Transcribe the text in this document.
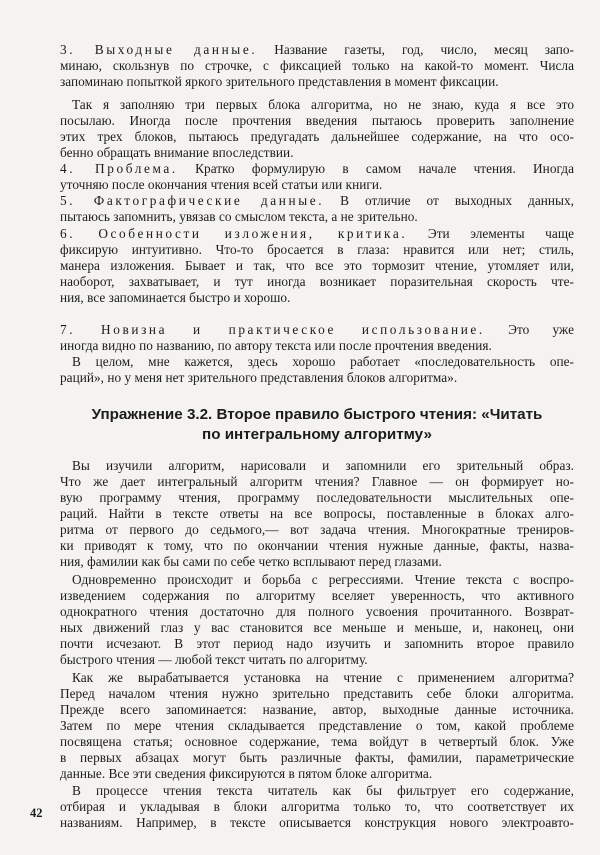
3. Выходные данные. Название газеты, год, число, месяц запо-
минаю, скользнув по строчке, с фиксацией только на какой-то момент. Числа
запоминаю попыткой яркого зрительного представления в момент фиксации.
Так я заполняю три первых блока алгоритма, но не знаю, куда я все это
посылаю. Иногда после прочтения введения пытаюсь проверить заполнение
этих трех блоков, пытаюсь предугадать дальнейшее содержание, на что осо-
бенно обращать внимание впоследствии.
4. Проблема. Кратко формулирую в самом начале чтения. Иногда
уточняю после окончания чтения всей статьи или книги.
5. Фактографические данные. В отличие от выходных данных,
пытаюсь запомнить, увязав со смыслом текста, а не зрительно.
6. Особенности изложения, критика. Эти элементы чаще
фиксирую интуитивно. Что-то бросается в глаза: нравится или нет; стиль,
манера изложения. Бывает и так, что все это тормозит чтение, утомляет или,
наоборот, захватывает, и тут иногда возникает поразительная скорость чте-
ния, все запоминается быстро и хорошо.
7. Новизна и практическое использование. Это уже
иногда видно по названию, по автору текста или после прочтения введения.
В целом, мне кажется, здесь хорошо работает «последовательность опе-
раций», но у меня нет зрительного представления блоков алгоритма».
Упражнение 3.2. Второе правило быстрого чтения: «Читать
по интегральному алгоритму»
Вы изучили алгоритм, нарисовали и запомнили его зрительный образ.
Что же дает интегральный алгоритм чтения? Главное — он формирует но-
вую программу чтения, программу последовательности мыслительных опе-
раций. Найти в тексте ответы на все вопросы, поставленные в блоках алго-
ритма от первого до седьмого,— вот задача чтения. Многократные трениров-
ки приводят к тому, что по окончании чтения нужные данные, факты, назва-
ния, фамилии как бы сами по себе четко всплывают перед глазами.
Одновременно происходит и борьба с регрессиями. Чтение текста с воспро-
изведением содержания по алгоритму вселяет уверенность, что активного
однократного чтения достаточно для полного усвоения прочитанного. Возврат-
ных движений глаз у вас становится все меньше и меньше, и, наконец, они
почти исчезают. В этот период надо изучить и запомнить второе правило
быстрого чтения — любой текст читать по алгоритму.
Как же вырабатывается установка на чтение с применением алгоритма?
Перед началом чтения нужно зрительно представить себе блоки алгоритма.
Прежде всего запоминается: название, автор, выходные данные источника.
Затем по мере чтения складывается представление о том, какой проблеме
посвящена статья; основное содержание, тема войдут в четвертый блок. Уже
в первых абзацах могут быть различные факты, фамилии, параметрические
данные. Все эти сведения фиксируются в пятом блоке алгоритма.
В процессе чтения текста читатель как бы фильтрует его содержание,
отбирая и укладывая в блоки алгоритма только то, что соответствует их
названиям. Например, в тексте описывается конструкция нового электроавто-
42
